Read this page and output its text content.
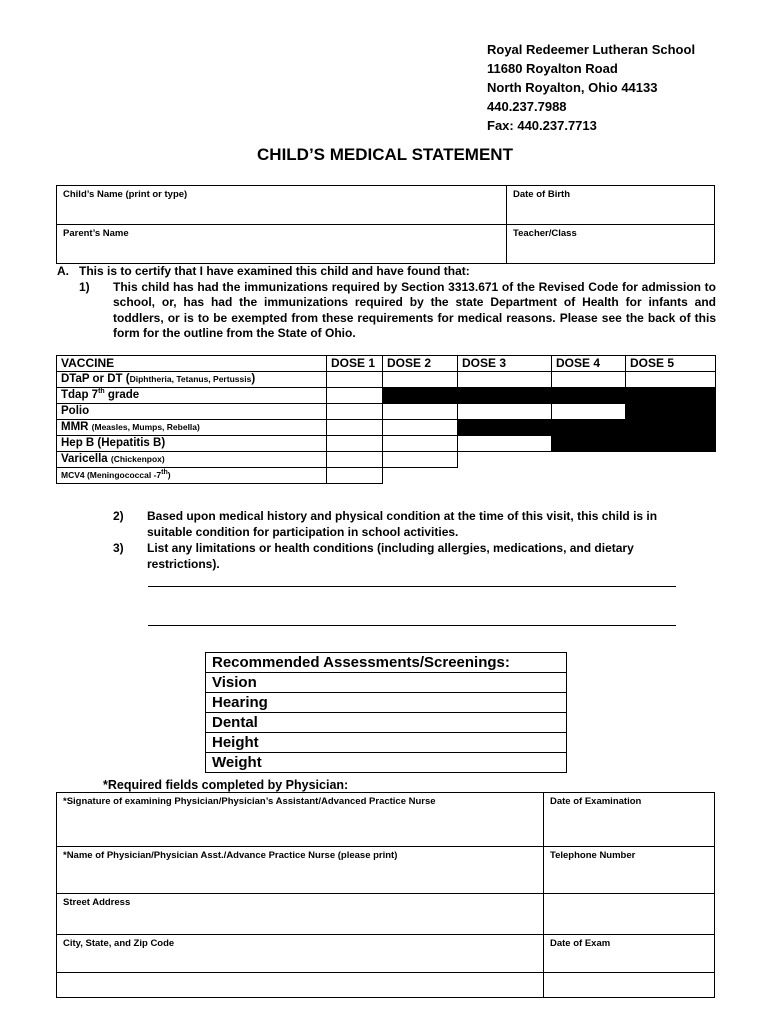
Royal Redeemer Lutheran School
11680 Royalton Road
North Royalton, Ohio 44133
440.237.7988
Fax: 440.237.7713
CHILD’S MEDICAL STATEMENT
Child’s Name (print or type)	Date of Birth
Parent’s Name	Teacher/Class
A. This is to certify that I have examined this child and have found that:
1)	This child has had the immunizations required by Section 3313.671 of the Revised Code for admission to school, or, has had the immunizations required by the state Department of Health for infants and toddlers, or is to be exempted from these requirements for medical reasons. Please see the back of this form for the outline from the State of Ohio.
VACCINE	DOSE 1	DOSE 2	DOSE 3	DOSE 4	DOSE 5
DTaP or DT (Diphtheria, Tetanus, Pertussis)					
Tdap 7th grade					
Polio					
MMR (Measles, Mumps, Rebella)					
Hep B (Hepatitis B)					
Varicella (Chickenpox)					
MCV4 (Meningococcal -7th)					
2)	Based upon medical history and physical condition at the time of this visit, this child is in suitable condition for participation in school activities.
3)	List any limitations or health conditions (including allergies, medications, and dietary restrictions).
Recommended Assessments/Screenings:
Vision
Hearing
Dental
Height
Weight
*Required fields completed by Physician:
*Signature of examining Physician/Physician’s Assistant/Advanced Practice Nurse	Date of Examination
*Name of Physician/Physician Asst./Advance Practice Nurse (please print)	Telephone Number
Street Address	
City, State, and Zip Code	Date of Exam
